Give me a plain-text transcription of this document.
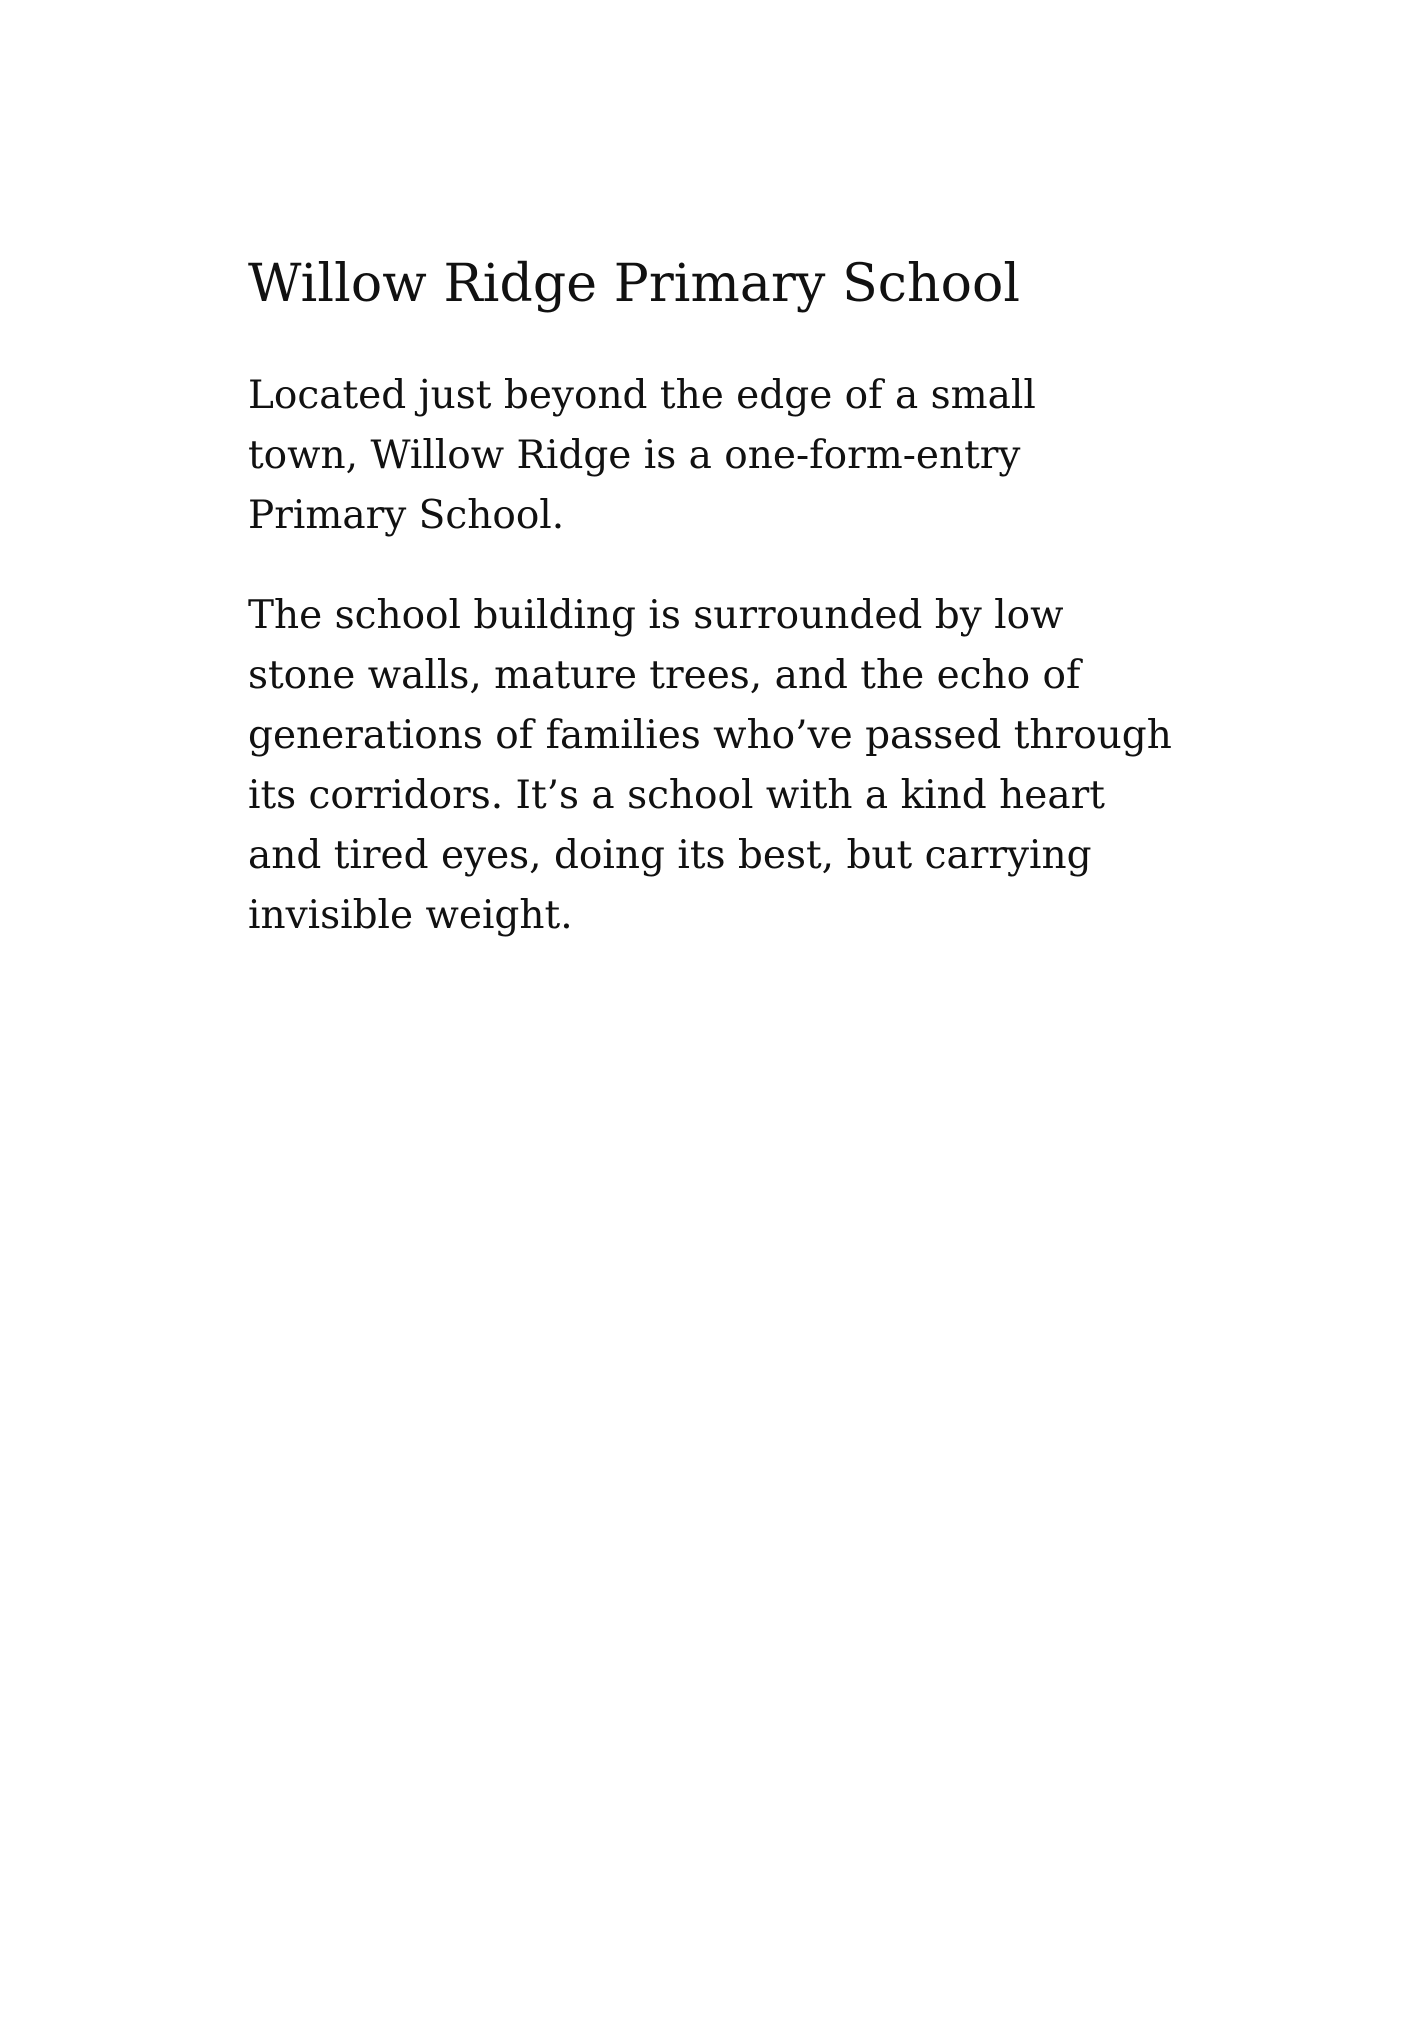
Willow Ridge Primary School

Located just beyond the edge of a small town, Willow Ridge is a one-form-entry Primary School.

The school building is surrounded by low stone walls, mature trees, and the echo of generations of families who’ve passed through its corridors. It’s a school with a kind heart and tired eyes, doing its best, but carrying invisible weight.
